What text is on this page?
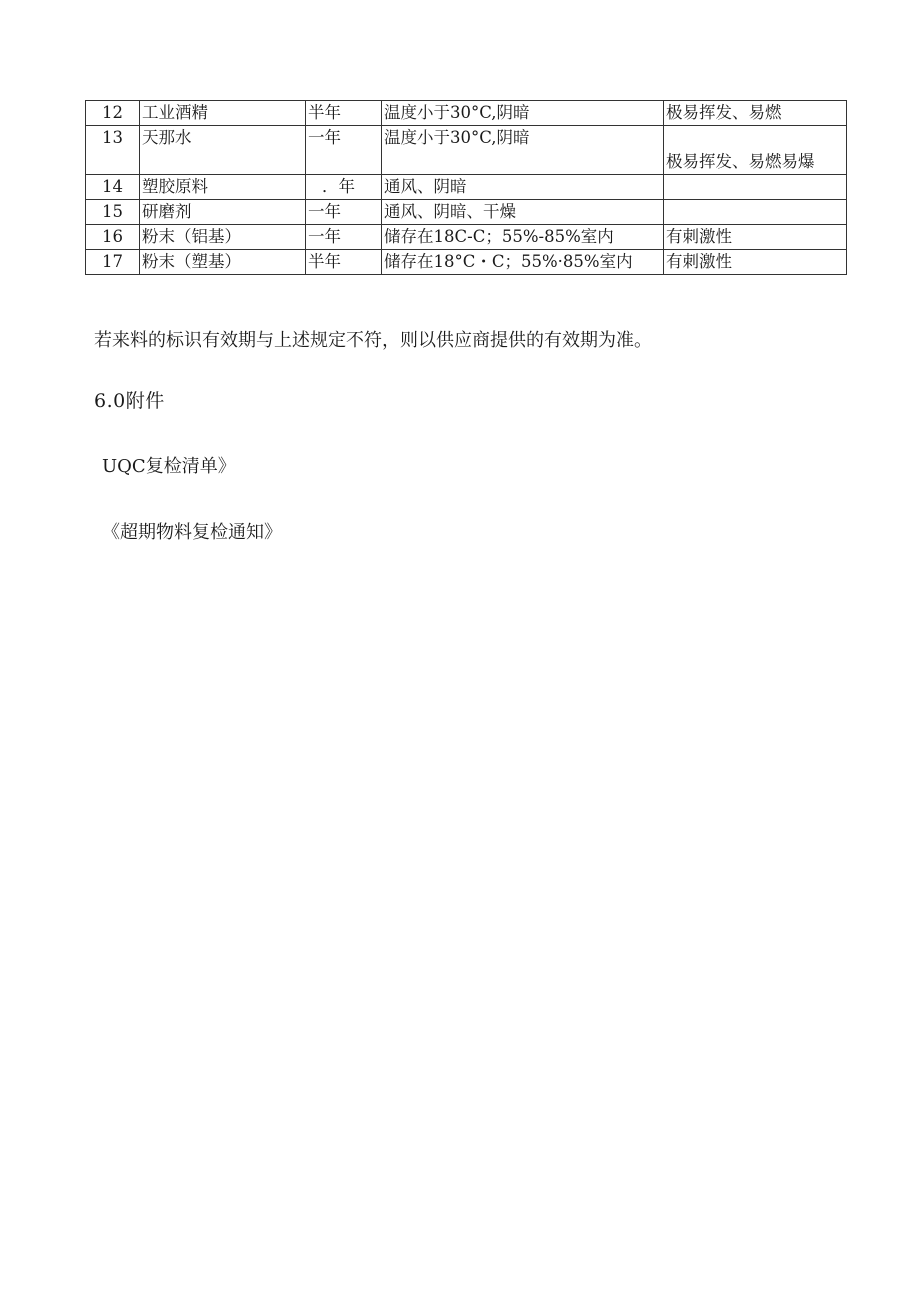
12	工业酒精	半年	温度小于30°C,阴暗	极易挥发、易燃
13	天那水	一年	温度小于30°C,阴暗	极易挥发、易燃易爆

14	塑胶原料	．年	通风、阴暗	
15	研磨剂	一年	通风、阴暗、干燥	
16	粉末（铝基）	一年	储存在18C-C；55%-85%室内	有刺激性
17	粉末（塑基）	半年	储存在18°C・C；55%·85%室内	有刺激性
若来料的标识有效期与上述规定不符，则以供应商提供的有效期为准。
6.0附件
UQC复检清单》
《超期物料复检通知》
